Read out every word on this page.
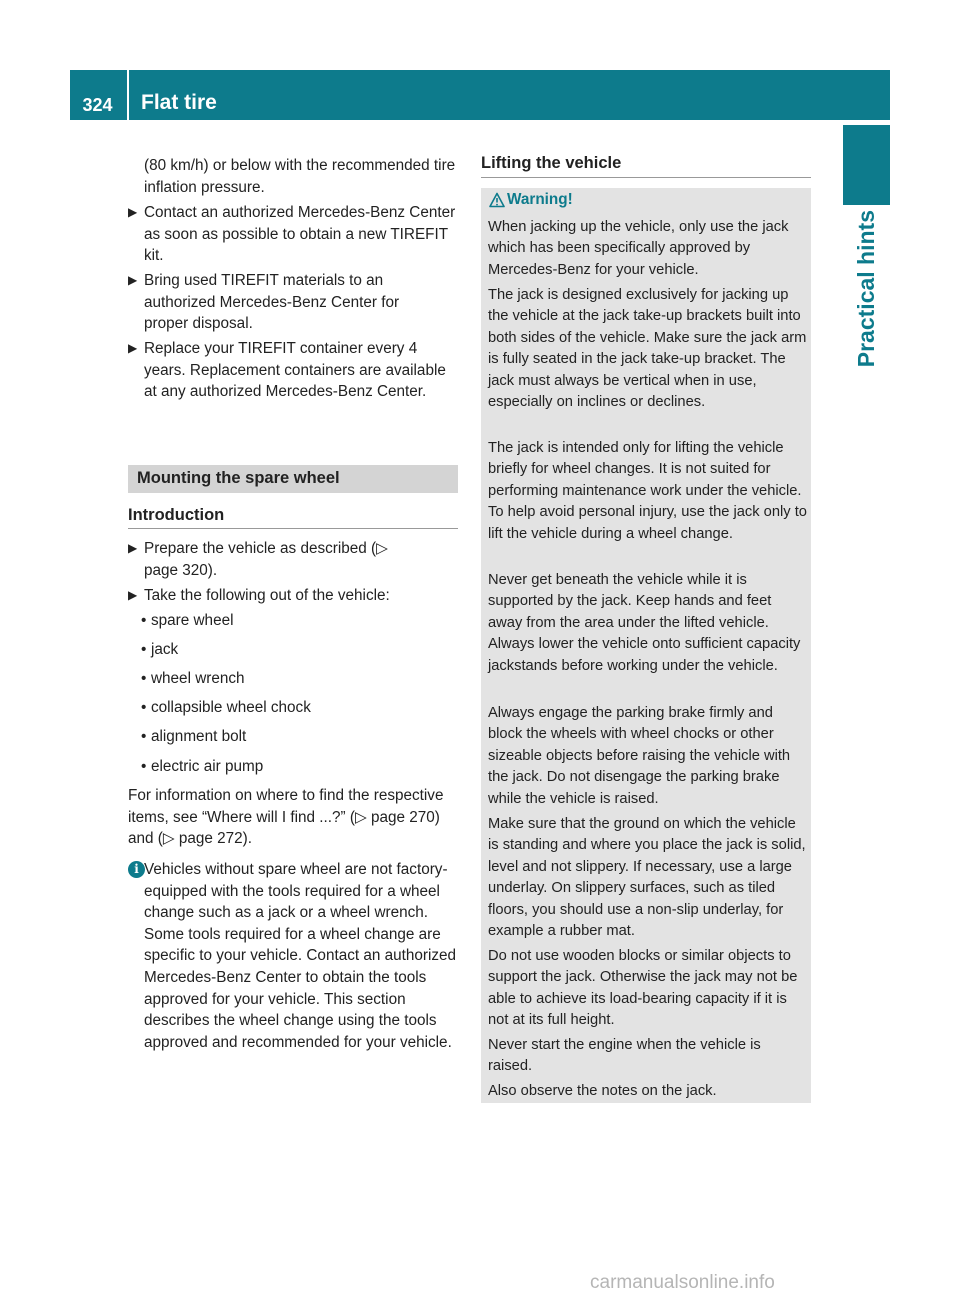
324	Flat tire
Practical hints
(80 km/h) or below with the recommended tire inflation pressure.
▶ Contact an authorized Mercedes-Benz Center as soon as possible to obtain a new TIREFIT kit.
▶ Bring used TIREFIT materials to an authorized Mercedes-Benz Center for proper disposal.
▶ Replace your TIREFIT container every 4 years. Replacement containers are available at any authorized Mercedes-Benz Center.
Mounting the spare wheel
Introduction
▶ Prepare the vehicle as described (▷ page 320).
▶ Take the following out of the vehicle:
• spare wheel
• jack
• wheel wrench
• collapsible wheel chock
• alignment bolt
• electric air pump
For information on where to find the respective items, see “Where will I find ...?” (▷ page 270) and (▷ page 272).
i Vehicles without spare wheel are not factory-equipped with the tools required for a wheel change such as a jack or a wheel wrench. Some tools required for a wheel change are specific to your vehicle. Contact an authorized Mercedes-Benz Center to obtain the tools approved for your vehicle. This section describes the wheel change using the tools approved and recommended for your vehicle.
Lifting the vehicle
Warning!
When jacking up the vehicle, only use the jack which has been specifically approved by Mercedes-Benz for your vehicle.
The jack is designed exclusively for jacking up the vehicle at the jack take-up brackets built into both sides of the vehicle. Make sure the jack arm is fully seated in the jack take-up bracket. The jack must always be vertical when in use, especially on inclines or declines.
The jack is intended only for lifting the vehicle briefly for wheel changes. It is not suited for performing maintenance work under the vehicle. To help avoid personal injury, use the jack only to lift the vehicle during a wheel change.
Never get beneath the vehicle while it is supported by the jack. Keep hands and feet away from the area under the lifted vehicle. Always lower the vehicle onto sufficient capacity jackstands before working under the vehicle.
Always engage the parking brake firmly and block the wheels with wheel chocks or other sizeable objects before raising the vehicle with the jack. Do not disengage the parking brake while the vehicle is raised.
Make sure that the ground on which the vehicle is standing and where you place the jack is solid, level and not slippery. If necessary, use a large underlay. On slippery surfaces, such as tiled floors, you should use a non-slip underlay, for example a rubber mat.
Do not use wooden blocks or similar objects to support the jack. Otherwise the jack may not be able to achieve its load-bearing capacity if it is not at its full height.
Never start the engine when the vehicle is raised.
Also observe the notes on the jack.
carmanualsonline.info
